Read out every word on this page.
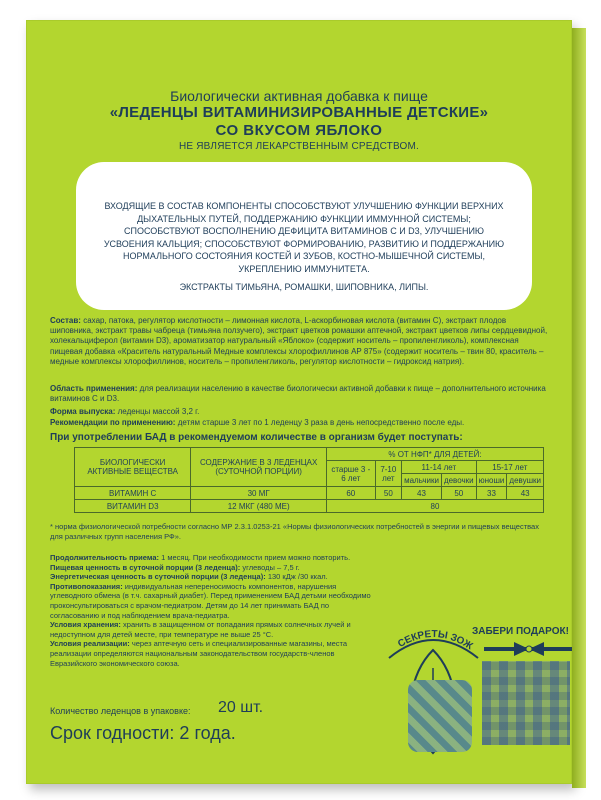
Биологически активная добавка к пище
«ЛЕДЕНЦЫ ВИТАМИНИЗИРОВАННЫЕ ДЕТСКИЕ»
СО ВКУСОМ ЯБЛОКО
НЕ ЯВЛЯЕТСЯ ЛЕКАРСТВЕННЫМ СРЕДСТВОМ.
ВХОДЯЩИЕ В СОСТАВ КОМПОНЕНТЫ СПОСОБСТВУЮТ УЛУЧШЕНИЮ ФУНКЦИИ ВЕРХНИХ ДЫХАТЕЛЬНЫХ ПУТЕЙ, ПОДДЕРЖАНИЮ ФУНКЦИИ ИММУННОЙ СИСТЕМЫ; СПОСОБСТВУЮТ ВОСПОЛНЕНИЮ ДЕФИЦИТА ВИТАМИНОВ С И D3, УЛУЧШЕНИЮ УСВОЕНИЯ КАЛЬЦИЯ; СПОСОБСТВУЮТ ФОРМИРОВАНИЮ, РАЗВИТИЮ И ПОДДЕРЖАНИЮ НОРМАЛЬНОГО СОСТОЯНИЯ КОСТЕЙ И ЗУБОВ, КОСТНО-МЫШЕЧНОЙ СИСТЕМЫ, УКРЕПЛЕНИЮ ИММУНИТЕТА.
ЭКСТРАКТЫ ТИМЬЯНА, РОМАШКИ, ШИПОВНИКА, ЛИПЫ.
Состав: сахар, патока, регулятор кислотности – лимонная кислота, L-аскорбиновая кислота (витамин С), экстракт плодов шиповника, экстракт травы чабреца (тимьяна ползучего), экстракт цветков ромашки аптечной, экстракт цветков липы сердцевидной, холекальциферол (витамин D3), ароматизатор натуральный «Яблоко» (содержит носитель – пропиленгликоль), комплексная пищевая добавка «Краситель натуральный Медные комплексы хлорофиллинов AP 875» (содержит носитель – твин 80, краситель – медные комплексы хлорофиллинов, носитель – пропиленгликоль, регулятор кислотности – гидроксид натрия).
Область применения: для реализации населению в качестве биологически активной добавки к пище – дополнительного источника витаминов С и D3.
Форма выпуска: леденцы массой 3,2 г.
Рекомендации по применению: детям старше 3 лет по 1 леденцу 3 раза в день непосредственно после еды.
При употреблении БАД в рекомендуемом количестве в организм будет поступать:
БИОЛОГИЧЕСКИ АКТИВНЫЕ ВЕЩЕСТВА	СОДЕРЖАНИЕ В 3 ЛЕДЕНЦАХ (СУТОЧНОЙ ПОРЦИИ)	% ОТ НФП* ДЛЯ ДЕТЕЙ:					
		старше 3 - 6 лет	7-10 лет	11-14 лет		15-17 лет	
				мальчики	девочки	юноши	девушки
ВИТАМИН С	30 МГ	60	50	43	50	33	43
ВИТАМИН D3	12 МКГ (480 МЕ)	80					
* норма физиологической потребности согласно МР 2.3.1.0253-21 «Нормы физиологических потребностей в энергии и пищевых веществах для различных групп населения РФ».
Продолжительность приема: 1 месяц. При необходимости прием можно повторить.
Пищевая ценность в суточной порции (3 леденца): углеводы – 7,5 г.
Энергетическая ценность в суточной порции (3 леденца): 130 кДж /30 ккал.
Противопоказания: индивидуальная непереносимость компонентов, нарушения углеводного обмена (в т.ч. сахарный диабет). Перед применением БАД детьми необходимо проконсультироваться с врачом-педиатром. Детям до 14 лет принимать БАД по согласованию и под наблюдением врача-педиатра.
Условия хранения: хранить в защищенном от попадания прямых солнечных лучей и недоступном для детей месте, при температуре не выше 25 °С.
Условия реализации: через аптечную сеть и специализированные магазины, места реализации определяются национальным законодательством государств-членов Евразийского экономического союза.
Количество леденцов в упаковке: 20 шт.
Срок годности: 2 года.
СЕКРЕТЫ ЗОЖ
ЗАБЕРИ ПОДАРОК!
